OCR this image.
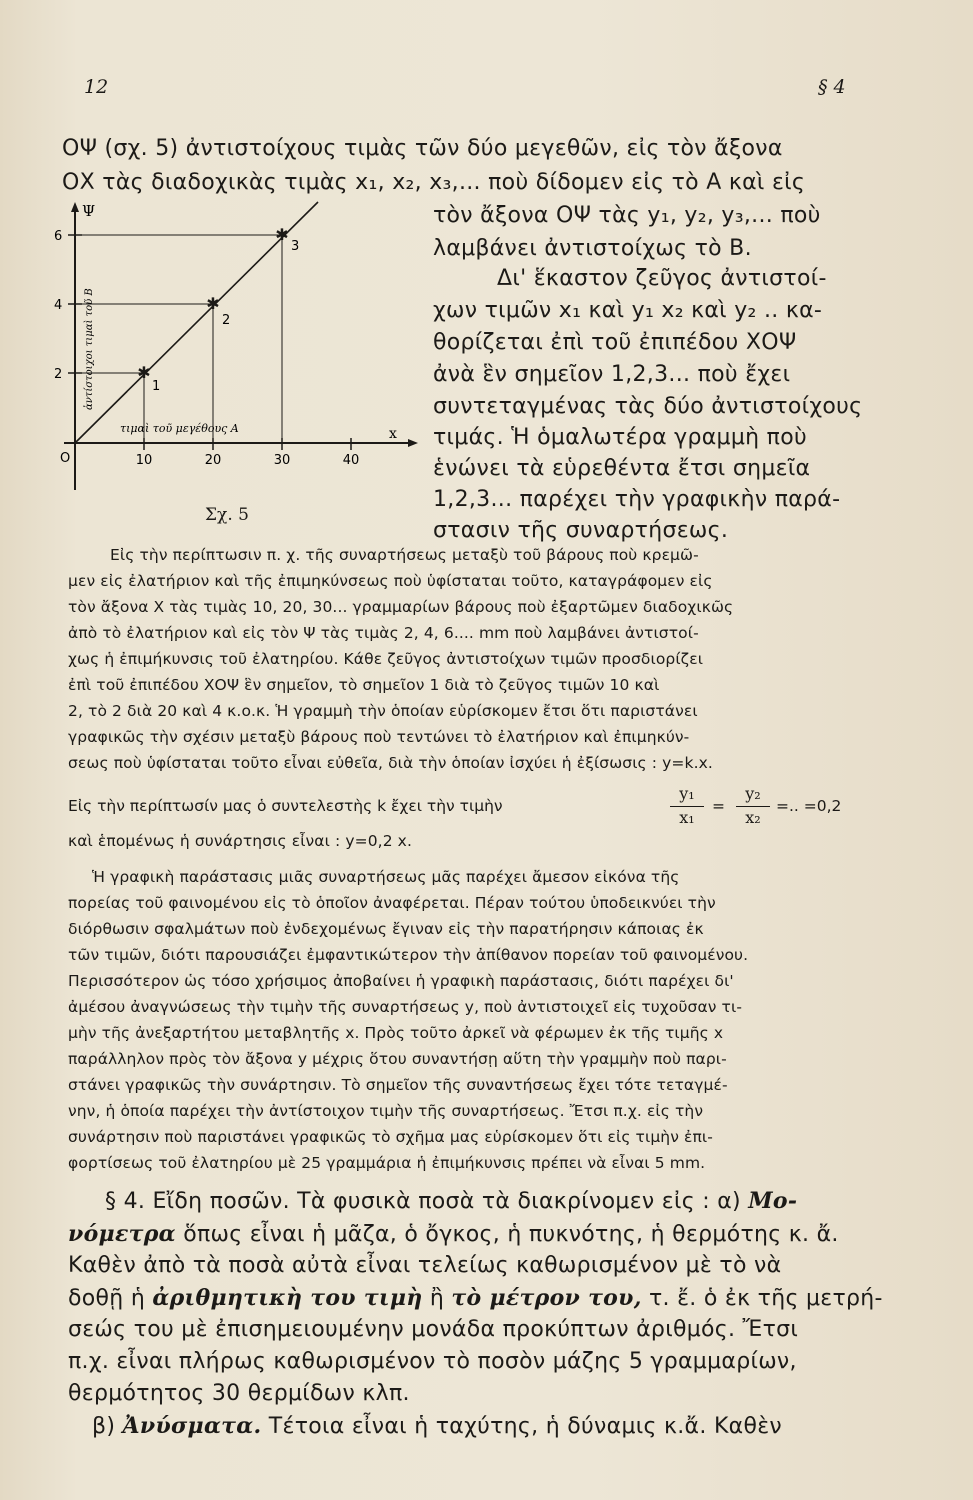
12	§ 4
ΟΨ (σχ. 5) ἀντιστοίχους τιμὰς τῶν δύο μεγεθῶν, εἰς τὸν ἄξονα
ΟΧ τὰς διαδοχικὰς τιμὰς x₁, x₂, x₃,... ποὺ δίδομεν εἰς τὸ Α καὶ εἰς
τὸν ἄξονα ΟΨ τὰς y₁, y₂, y₃,... ποὺ
λαμβάνει ἀντιστοίχως τὸ Β.
Δι' ἕκαστον ζεῦγος ἀντιστοί-
χων τιμῶν x₁ καὶ y₁ x₂ καὶ y₂ .. κα-
θορίζεται ἐπὶ τοῦ ἐπιπέδου ΧΟΨ
ἀνὰ ἓν σημεῖον 1,2,3... ποὺ ἔχει
συντεταγμένας τὰς δύο ἀντιστοίχους
τιμάς. Ἡ ὁμαλωτέρα γραμμὴ ποὺ
ἑνώνει τὰ εὑρεθέντα ἔτσι σημεῖα
1,2,3... παρέχει τὴν γραφικὴν παρά-
στασιν τῆς συναρτήσεως.
✱
✱
✱
1
2
3
Ψ
x
O
6
4
2
10	20	30	40
τιμαὶ τοῦ μεγέθους A
ἀντίστοιχοι τιμαὶ τοῦ B
Σχ. 5
Εἰς τὴν περίπτωσιν π. χ. τῆς συναρτήσεως μεταξὺ τοῦ βάρους ποὺ κρεμῶ-
μεν εἰς ἐλατήριον καὶ τῆς ἐπιμηκύνσεως ποὺ ὑφίσταται τοῦτο, καταγράφομεν εἰς
τὸν ἄξονα Χ τὰς τιμὰς 10, 20, 30... γραμμαρίων βάρους ποὺ ἐξαρτῶμεν διαδοχικῶς
ἀπὸ τὸ ἐλατήριον καὶ εἰς τὸν Ψ τὰς τιμὰς 2, 4, 6.... mm ποὺ λαμβάνει ἀντιστοί-
χως ἡ ἐπιμήκυνσις τοῦ ἐλατηρίου. Κάθε ζεῦγος ἀντιστοίχων τιμῶν προσδιορίζει
ἐπὶ τοῦ ἐπιπέδου ΧΟΨ ἓν σημεῖον, τὸ σημεῖον 1 διὰ τὸ ζεῦγος τιμῶν 10 καὶ
2, τὸ 2 διὰ 20 καὶ 4 κ.ο.κ. Ἡ γραμμὴ τὴν ὁποίαν εὑρίσκομεν ἔτσι ὅτι παριστάνει
γραφικῶς τὴν σχέσιν μεταξὺ βάρους ποὺ τεντώνει τὸ ἐλατήριον καὶ ἐπιμηκύν-
σεως ποὺ ὑφίσταται τοῦτο εἶναι εὐθεῖα, διὰ τὴν ὁποίαν ἰσχύει ἡ ἐξίσωσις : y=k.x.
Εἰς τὴν περίπτωσίν μας ὁ συντελεστὴς k ἔχει τὴν τιμὴν
y₁
x₁
=
y₂
x₂
=.. =0,2
καὶ ἑπομένως ἡ συνάρτησις εἶναι : y=0,2 x.
Ἡ γραφικὴ παράστασις μιᾶς συναρτήσεως μᾶς παρέχει ἄμεσον εἰκόνα τῆς
πορείας τοῦ φαινομένου εἰς τὸ ὁποῖον ἀναφέρεται. Πέραν τούτου ὑποδεικνύει τὴν
διόρθωσιν σφαλμάτων ποὺ ἐνδεχομένως ἔγιναν εἰς τὴν παρατήρησιν κάποιας ἐκ
τῶν τιμῶν, διότι παρουσιάζει ἐμφαντικώτερον τὴν ἀπίθανον πορείαν τοῦ φαινομένου.
Περισσότερον ὡς τόσο χρήσιμος ἀποβαίνει ἡ γραφικὴ παράστασις, διότι παρέχει δι'
ἀμέσου ἀναγνώσεως τὴν τιμὴν τῆς συναρτήσεως y, ποὺ ἀντιστοιχεῖ εἰς τυχοῦσαν τι-
μὴν τῆς ἀνεξαρτήτου μεταβλητῆς x. Πρὸς τοῦτο ἀρκεῖ νὰ φέρωμεν ἐκ τῆς τιμῆς x
παράλληλον πρὸς τὸν ἄξονα y μέχρις ὅτου συναντήσῃ αὕτη τὴν γραμμὴν ποὺ παρι-
στάνει γραφικῶς τὴν συνάρτησιν. Τὸ σημεῖον τῆς συναντήσεως ἔχει τότε τεταγμέ-
νην, ἡ ὁποία παρέχει τὴν ἀντίστοιχον τιμὴν τῆς συναρτήσεως. Ἔτσι π.χ. εἰς τὴν
συνάρτησιν ποὺ παριστάνει γραφικῶς τὸ σχῆμα μας εὑρίσκομεν ὅτι εἰς τιμὴν ἐπι-
φορτίσεως τοῦ ἐλατηρίου μὲ 25 γραμμάρια ἡ ἐπιμήκυνσις πρέπει νὰ εἶναι 5 mm.
§ 4. Εἴδη ποσῶν. Τὰ φυσικὰ ποσὰ τὰ διακρίνομεν εἰς : α) Μο-
νόμετρα ὅπως εἶναι ἡ μᾶζα, ὁ ὄγκος, ἡ πυκνότης, ἡ θερμότης κ. ἄ.
Καθὲν ἀπὸ τὰ ποσὰ αὐτὰ εἶναι τελείως καθωρισμένον μὲ τὸ νὰ
δοθῇ ἡ ἀριθμητικὴ του τιμὴ ἢ τὸ μέτρον του, τ. ἔ. ὁ ἐκ τῆς μετρή-
σεώς του μὲ ἐπισημειουμένην μονάδα προκύπτων ἀριθμός. Ἔτσι
π.χ. εἶναι πλήρως καθωρισμένον τὸ ποσὸν μάζης 5 γραμμαρίων,
θερμότητος 30 θερμίδων κλπ.
β) Ἀνύσματα. Τέτοια εἶναι ἡ ταχύτης, ἡ δύναμις κ.ἄ. Καθὲν
